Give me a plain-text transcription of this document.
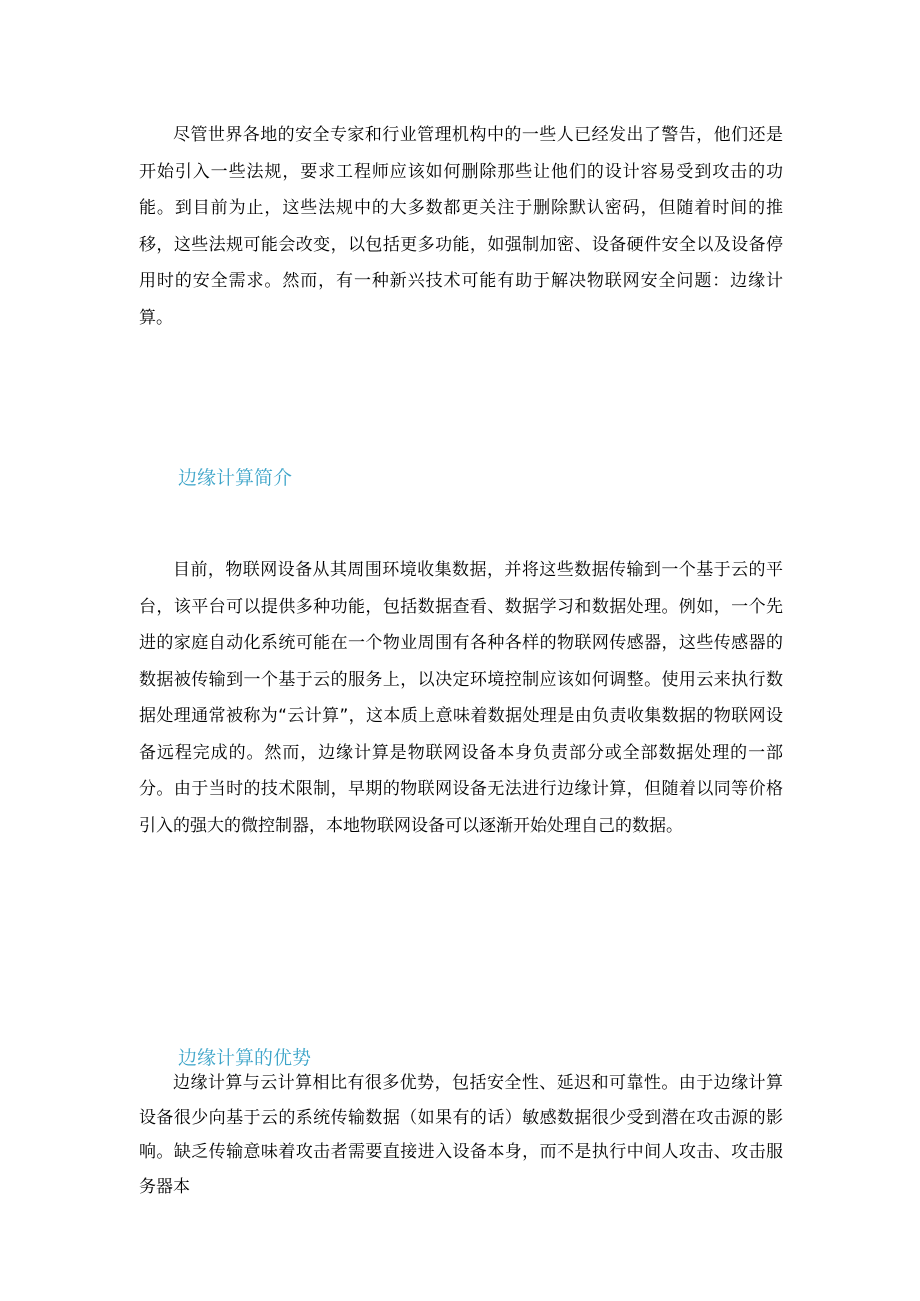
尽管世界各地的安全专家和行业管理机构中的一些人已经发出了警告，他们还是开始引入一些法规，要求工程师应该如何删除那些让他们的设计容易受到攻击的功能。到目前为止，这些法规中的大多数都更关注于删除默认密码，但随着时间的推移，这些法规可能会改变，以包括更多功能，如强制加密、设备硬件安全以及设备停用时的安全需求。然而，有一种新兴技术可能有助于解决物联网安全问题：边缘计算。

边缘计算简介

目前，物联网设备从其周围环境收集数据，并将这些数据传输到一个基于云的平台，该平台可以提供多种功能，包括数据查看、数据学习和数据处理。例如，一个先进的家庭自动化系统可能在一个物业周围有各种各样的物联网传感器，这些传感器的数据被传输到一个基于云的服务上，以决定环境控制应该如何调整。使用云来执行数据处理通常被称为“云计算”，这本质上意味着数据处理是由负责收集数据的物联网设备远程完成的。然而，边缘计算是物联网设备本身负责部分或全部数据处理的一部分。由于当时的技术限制，早期的物联网设备无法进行边缘计算，但随着以同等价格引入的强大的微控制器，本地物联网设备可以逐渐开始处理自己的数据。

边缘计算的优势

边缘计算与云计算相比有很多优势，包括安全性、延迟和可靠性。由于边缘计算设备很少向基于云的系统传输数据（如果有的话）敏感数据很少受到潜在攻击源的影响。缺乏传输意味着攻击者需要直接进入设备本身，而不是执行中间人攻击、攻击服务器本
